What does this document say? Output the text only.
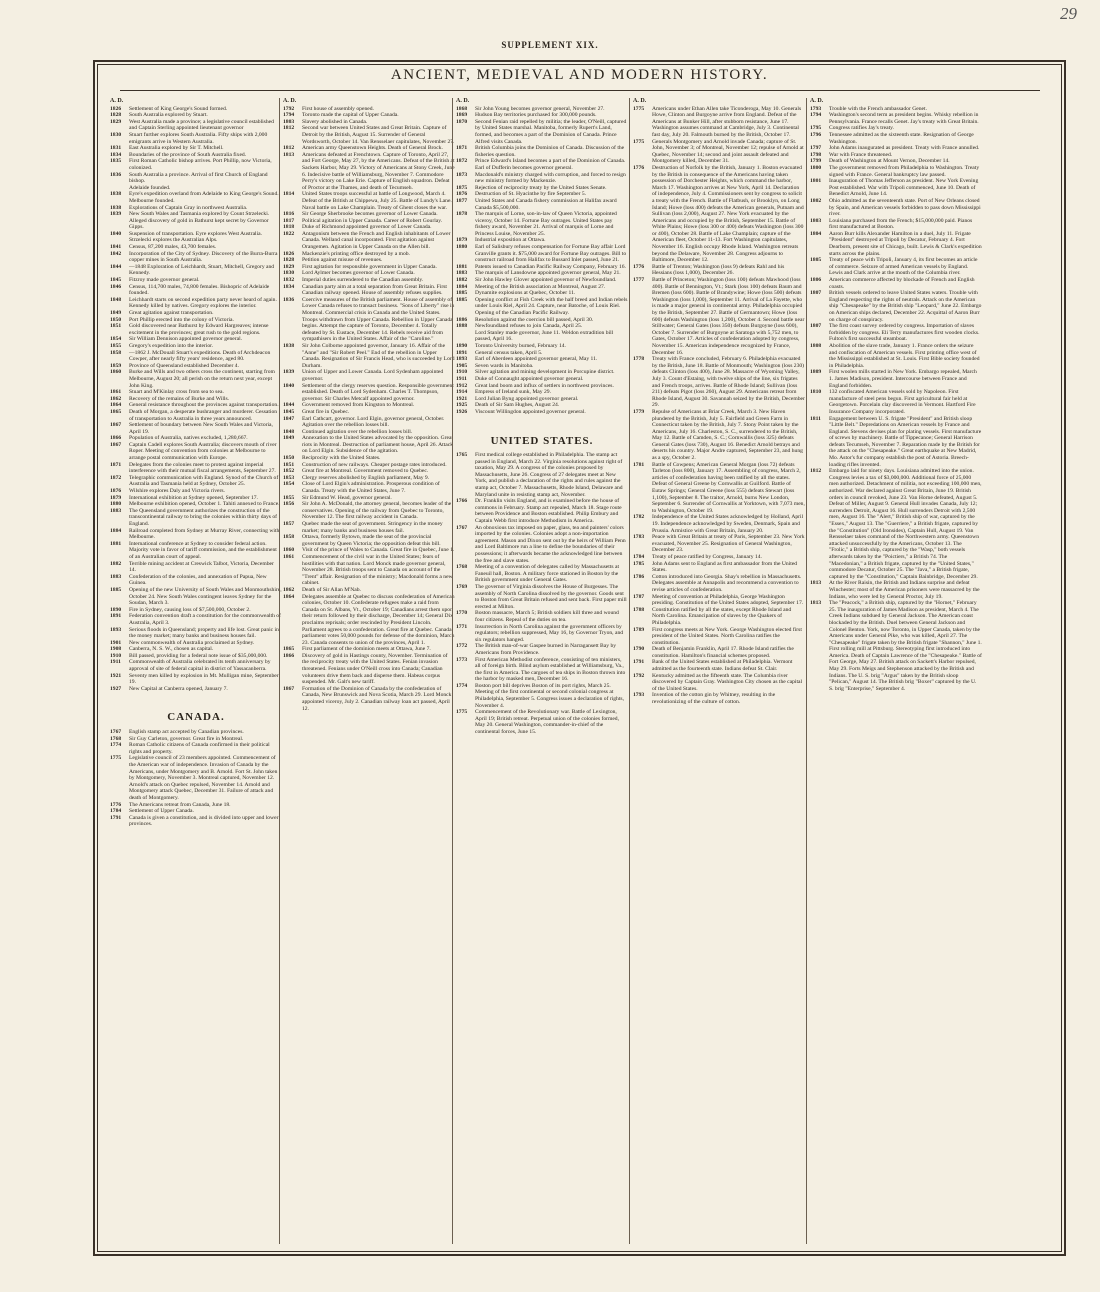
29
SUPPLEMENT XIX.
ANCIENT, MEDIEVAL AND MODERN HISTORY.
A. D.
1826	Settlement of King George's Sound formed.
1828	South Australia explored by Stuart.
1829	West Australia made a province; a legislative council established and Captain Sterling appointed lieutenant governor
1830	Stuart further explores South Australia. Fifty ships with 2,000 emigrants arrive in Western Australia.
1831	East Australia explored by Sir T. Mitchell.
1834	Boundaries of the province of South Australia fixed.
1835	First Roman Catholic bishop arrives. Port Phillip, now Victoria, colonized.
1836	South Australia a province. Arrival of first Church of England bishop.
Adelaide founded.
1838	Eyre's expedition overland from Adelaide to King George's Sound. Melbourne founded.
1838	Explorations of Captain Gray in northwest Australia.
1839	New South Wales and Tasmania explored by Count Strzelecki.
Alleged discovery of gold in Bathurst kept secret by Governor Gipps.
1840	Suspension of transportation. Eyre explores West Australia.
Strzelecki explores the Australian Alps.
1841	Census, 87,200 males, 43,700 females.
1842	Incorporation of the City of Sydney. Discovery of the Burra-Burra copper mines in South Australia.
1844	—1848 Exploration of Leichhardt, Stuart, Mitchell, Gregory and Kennedy.
1845	Fitzroy made governor general.
1846	Census, 114,700 males, 74,800 females. Bishopric of Adelaide founded.
1848	Leichhardt starts on second expedition party never heard of again. Kennedy killed by natives. Gregory explores the interior.
1849	Great agitation against transportation.
1850	Port Phillip erected into the colony of Victoria.
1851	Gold discovered near Bathurst by Edward Hargreaves; intense excitement in the provinces; great rush to the gold regions.
1854	Sir William Dennison appointed governor general.
1855	Gregory's expedition into the interior.
1858	—1862 J. McDouall Stuart's expeditions. Death of Archdeacon Cowper, after nearly fifty years' residence, aged 80.
1859	Province of Queensland established December 4.
1860	Burke and Wills and two others cross the continent, starting from Melbourne, August 20; all perish on the return next year, except John King.
1861	Stuart and M'Kinlay cross from sea to sea.
1862	Recovery of the remains of Burke and Wills.
1864	General resistance throughout the provinces against transportation.
1865	Death of Morgan, a desperate bushranger and murderer. Cessation of transportation to Australia in three years announced.
1867	Settlement of boundary between New South Wales and Victoria, April 19.
1866	Population of Australia, natives excluded, 1,280,667.
1867	Captain Cadell explores South Australia; discovers mouth of river Roper. Meeting of convention from colonies at Melbourne to arrange postal communication with Europe.
1871	Delegates from the colonies meet to protest against imperial interference with their mutual fiscal arrangements, September 27.
1872	Telegraphic communication with England. Synod of the Church of Australia and Tasmania held at Sydney, October 25.
1876	Wilshire explores Daly and Victoria rivers.
1879	International exhibition at Sydney opened, September 17.
1880	Melbourne exhibition opened, October 1. Tahiti annexed to France.
1883	The Queensland government authorizes the construction of the transcontinental railway to bring the colonies within thirty days of England.
1884	Railroad completed from Sydney at Murray River, connecting with Melbourne.
1881	International conference at Sydney to consider federal action. Majority vote in favor of tariff commission, and the establishment of an Australian court of appeal.
1882	Terrible mining accident at Creswick Talbot, Victoria, December 14.
1883	Confederation of the colonies, and annexation of Papua, New Guinea.
1885	Opening of the new University of South Wales and Monmouthshire, October 24. New South Wales contingent leaves Sydney for the Soudan, March 3.
1890	Fire in Sydney, causing loss of $7,500,000, October 2.
1891	Federation convention draft a constitution for the commonwealth of Australia, April 3.
1893	Serious floods in Queensland; property and life lost. Great panic in the money market; many banks and business houses fail.
1901	New commonwealth of Australia proclaimed at Sydney.
1908	Canberra, N. S. W., chosen as capital.
1910	Bill passed, providing for a federal note issue of $35,000,000.
1911	Commonwealth of Australia celebrated its tenth anniversary by approval of site of federal capital in district of Yassacanberra.
1921	Seventy men killed by explosion in Mt. Mulligan mine, September 19.
1927	New Capital at Canberra opened, January 7.
CANADA.
1767	English stamp act accepted by Canadian provinces.
1768	Sir Guy Carleton, governor. Great fire in Montreal.
1774	Roman Catholic citizens of Canada confirmed in their political rights and property.
1775	Legislative council of 23 members appointed. Commencement of the American war of independence. Invasion of Canada by the Americans, under Montgomery and B. Arnold. Fort St. John taken by Montgomery, November 3. Montreal captured, November 12. Arnold's attack on Quebec repulsed, November 14. Arnold and Montgomery attack Quebec, December 31. Failure of attack and death of Montgomery.
1776	The Americans retreat from Canada, June 18.
1784	Settlement of Upper Canada.
1791	Canada is given a constitution, and is divided into upper and lower provinces.
A. D.
1792	First house of assembly opened.
1794	Toronto made the capital of Upper Canada.
1803	Slavery abolished in Canada.
1812	Second war between United States and Great Britain. Capture of Detroit by the British, August 15. Surrender of General Wordsworth, October 14. Van Rensselaer capitulates, November 27.
1812	American army Queenstown Heights. Death of General Brock.
1813	Americans defeated at Frenchtown. Capture of Toronto, April 27, and Fort George, May 27, by the Americans. Defeat of the British at Sackets Harbor, May 29. Victory of Americans at Stony Creek, June 6. Indecisive battle of Williamsburg, November 7. Commodore Perry's victory on Lake Erie. Capture of English squadron. Defeat of Proctor at the Thames, and death of Tecumseh.
1814	United States troops successful at battle of Longwood, March 4. Defeat of the British at Chippewa, July 25. Battle of Lundy's Lane. Naval battle on Lake Champlain. Treaty of Ghent closes the war.
1816	Sir George Sherbrooke becomes governor of Lower Canada.
1817	Political agitation in Upper Canada. Career of Robert Gourlay.
1818	Duke of Richmond appointed governor of Lower Canada.
1822	Antagonism between the French and English inhabitants of Lower Canada. Welland canal incorporated. First agitation against Orangemen. Agitation in Upper Canada on the Allen bill.
1826	Mackenzie's printing office destroyed by a mob.
1828	Petition against misuse of revenues.
1829	First agitation for responsible government in Upper Canada.
1830	Lord Aylmer becomes governor of Lower Canada.
1832	Imperial duties surrendered to the Canadian assembly.
1834	Canadian party aim at a total separation from Great Britain. First Canadian railway opened. House of assembly refuses supplies.
1836	Coercive measures of the British parliament. House of assembly of Lower Canada refuses to transact business. "Sons of Liberty" rise in Montreal. Commercial crisis in Canada and the United States. Troops withdrawn from Upper Canada. Rebellion in Upper Canada begins. Attempt the capture of Toronto, December 4. Totally defeated by St. Eustace, December 14. Rebels receive aid from sympathisers in the United States. Affair of the "Caroline."
1838	Sir John Colborne appointed governor, January 16. Affair of the "Anne" and "Sir Robert Peel." End of the rebellion in Upper Canada. Resignation of Sir Francis Head, who is succeeded by Lord Durham.
1839	Union of Upper and Lower Canada. Lord Sydenham appointed governor.
1840	Settlement of the clergy reserves question. Responsible government established. Death of Lord Sydenham. Charles T. Thompson, governor. Sir Charles Metcalf appointed governor.
1844	Government removed from Kingston to Montreal.
1845	Great fire in Quebec.
1847	Earl Cathcart, governor. Lord Elgin, governor general, October. Agitation over the rebellion losses bill.
1848	Continued agitation over the rebellion losses bill.
1849	Annexation to the United States advocated by the opposition. Great riots in Montreal. Destruction of parliament house, April 26. Attack on Lord Elgin. Subsidence of the agitation.
1850	Reciprocity with the United States.
1851	Construction of new railways. Cheaper postage rates introduced.
1852	Great fire at Montreal. Government removed to Quebec.
1853	Clergy reserves abolished by English parliament, May 9.
1854	Close of Lord Elgin's administration. Prosperous condition of Canada. Treaty with the United States, June 7.
1855	Sir Edmund W. Head, governor general.
1856	Sir John A. McDonald, the attorney general, becomes leader of the conservatives. Opening of the railway from Quebec to Toronto, November 12. The first railway accident in Canada.
1857	Quebec made the seat of government. Stringency in the money market; many banks and business houses fail.
1858	Ottawa, formerly Bytown, made the seat of the provincial government by Queen Victoria; the opposition defeat this bill.
1860	Visit of the prince of Wales to Canada. Great fire in Quebec, June 1.
1861	Commencement of the civil war in the United States; fears of hostilities with that nation. Lord Monck made governor general, November 28. British troops sent to Canada on account of the "Trent" affair. Resignation of the ministry; Macdonald forms a new cabinet.
1862	Death of Sir Allan M'Nab.
1864	Delegates assemble at Quebec to discuss confederation of American colonies, October 10. Confederate refugees make a raid from Canada on St. Albans, Vt., October 19; Canadians arrest them upon their return followed by their discharge, December 14; General Dix proclaims reprisals; order rescinded by President Lincoln. Parliament agrees to a confederation. Great fire at Quebec. Canada parliament votes 50,000 pounds for defense of the dominion, March 23. Canada consents to union of the provinces, April 1.
1865	First parliament of the dominion meets at Ottawa, June 7.
1866	Discovery of gold in Hastings county, November. Termination of the reciprocity treaty with the United States. Fenian invasion threatened. Fenians under O'Neill cross into Canada; Canadian volunteers drive them back and disperse them. Habeas corpus suspended. Mr. Galt's new tariff.
1867	Formation of the Dominion of Canada by the confederation of Canada, New Brunswick and Nova Scotia, March 29. Lord Monck appointed viceroy, July 2. Canadian railway loan act passed, April 12.
A. D.
1868	Sir John Young becomes governor general, November 27.
1869	Hudson Bay territories purchased for 300,000 pounds.
1870	Second Fenian raid repelled by militia; the leader, O'Neill, captured by United States marshal. Manitoba, formerly Rupert's Land, formed, and becomes a part of the Dominion of Canada. Prince Alfred visits Canada.
1871	British Columbia joins the Dominion of Canada. Discussion of the fisheries question.
1872	Prince Edward's Island becomes a part of the Dominion of Canada. Earl of Dufferin becomes governor general.
1873	Macdonald's ministry charged with corruption, and forced to resign new ministry formed by Mackenzie.
1875	Rejection of reciprocity treaty by the United States Senate.
1876	Destruction of St. Hyacinthe by fire September 5.
1877	United States and Canada fishery commission at Halifax award Canada $5,500,000.
1878	The marquis of Lorne, son-in-law of Queen Victoria, appointed viceroy, October 14. Fortune Bay outrages. United States pay fishery award, November 21. Arrival of marquis of Lorne and Princess Louise, November 25.
1879	Industrial exposition at Ottawa.
1880	Earl of Salisbury refuses compensation for Fortune Bay affair Lord Granville grants it. $75,000 award for Fortune Bay outrages. Bill to construct railroad from Halifax to Bussard Inlet passed, June 21.
1881	Patents issued to Canadian Pacific Railway Company, February 16.
1883	The marquis of Lansdowne appointed governor general, May 21.
1882	Sir John Hawley Glover appointed governor of Newfoundland.
1884	Meeting of the British association at Montreal, August 27.
1885	Dynamite explosions at Quebec, October 11.
1885	Opening conflict at Fish Creek with the half breed and Indian rebels under Louis Riel, April 24. Capture, near Batoche, of Louis Riel. Opening of the Canadian Pacific Railway.
1886	Resolution against the coercion bill passed, April 30.
1888	Newfoundland refuses to join Canada, April 25.
Lord Stanley made governor, June 11. Weldon extradition bill passed, April 16.
1890	Toronto University burned, February 14.
1891	General census taken, April 5.
1893	Earl of Aberdeen appointed governor general, May 11.
1905	Seven wards in Manitoba.
1910	Silver agitation and mining development in Porcupine district.
1911	Duke of Connaught appointed governor general.
1912	Great land boom and influx of settlers in northwest provinces.
1914	Empress of Ireland sunk, May 29.
1921	Lord Julian Byng appointed governor general.
1925	Death of Sir Sam Hughes, August 24.
1926	Viscount Willingdon appointed governor general.
UNITED STATES.
1765	First medical college established in Philadelphia. The stamp act passed in England, March 22. Virginia resolutions against right of taxation, May 29. A congress of the colonies proposed by Massachusetts, June 26. Congress of 27 delegates meet at New York, and publish a declaration of the rights and rules against the stamp act, October 7. Massachusetts, Rhode Island, Delaware and Maryland unite in resisting stamp act, November.
1766	Dr. Franklin visits England, and is examined before the house of commons in February. Stamp act repealed, March 18. Stage route between Providence and Boston established. Philip Embury and Captain Webb first introduce Methodism in America.
1767	An obnoxious tax imposed on paper, glass, tea and painters' colors imported by the colonies. Colonies adopt a non-importation agreement. Mason and Dixon sent out by the heirs of William Penn and Lord Baltimore run a line to define the boundaries of their possessions; it afterwards became the acknowledged line between the free and slave states.
1768	Meeting of a convention of delegates called by Massachusetts at Faneuil hall, Boston. A military force stationed in Boston by the British government under General Gates.
1769	The governor of Virginia dissolves the House of Burgesses. The assembly of North Carolina dissolved by the governor. Goods sent to Boston from Great Britain refused and sent back. First paper mill erected at Milton.
1770	Boston massacre, March 5; British soldiers kill three and wound four citizens. Repeal of the duties on tea.
1771	Insurrection in North Carolina against the government officers by regulators; rebellion suppressed, May 16, by Governor Tryon, and six regulators hanged.
1772	The British man-of-war Gaspee burned in Narragansett Bay by Americans from Providence.
1773	First American Methodist conference, consisting of ten ministers, all of foreign birth. Blind asylum established at Williamsburg, Va., the first in America. The cargoes of tea ships in Boston thrown into the harbor by masked men, December 16.
1774	Boston port bill deprives Boston of its port rights, March 25. Meeting of the first continental or second colonial congress at Philadelphia, September 5. Congress issues a declaration of rights, November 4.
1775	Commencement of the Revolutionary war. Battle of Lexington, April 19; British retreat. Perpetual union of the colonies formed, May 20. General Washington, commander-in-chief of the continental forces, June 15.
A. D.
1775	Americans under Ethan Allen take Ticonderoga, May 10. Generals Howe, Clinton and Burgoyne arrive from England. Defeat of the Americans at Bunker Hill, after stubborn resistance, June 17. Washington assumes command at Cambridge, July 3. Continental fast day, July 20. Falmouth burned by the British, October 17.
1775	Generals Montgomery and Arnold invade Canada; capture of St. John, November 3; of Montreal, November 12; repulse of Arnold at Quebec, November 14; second and joint assault defeated and Montgomery killed, December 31.
1776	Destruction of Norfolk by the British, January 1. Boston evacuated by the British in consequence of the Americans having taken possession of Dorchester Heights, which command the harbor, March 17. Washington arrives at New York, April 14. Declaration of independence, July 4. Commissioners sent by congress to solicit a treaty with the French. Battle of Flatbush, or Brooklyn, on Long Island; Howe (loss 400) defeats the American generals, Putnam and Sullivan (loss 2,000), August 27. New York evacuated by the Americans and occupied by the British, September 15. Battle of White Plains; Howe (loss 300 or 400) defeats Washington (loss 300 or 400), October 28. Battle of Lake Champlain; capture of the American fleet, October 11-13. Fort Washington capitulates, November 16. English occupy Rhode Island. Washington retreats beyond the Delaware, November 28. Congress adjourns to Baltimore, December 12.
1776	Battle of Trenton; Washington (loss 9) defeats Rahl and his Hessians (loss 1,000), December 26.
1777	Battle of Princeton; Washington (loss 100) defeats Mawhood (loss 400). Battle of Bennington, Vt.; Stark (loss 100) defeats Baum and Bremen (loss 600). Battle of Brandywine; Howe (loss 500) defeats Washington (loss 1,000), September 11. Arrival of La Fayette, who is made a major general in continental army. Philadelphia occupied by the British, September 27. Battle of Germantown; Howe (loss 600) defeats Washington (loss 1,200), October 4. Second battle near Stillwater; General Gates (loss 350) defeats Burgoyne (loss 600), October 7. Surrender of Burgoyne at Saratoga with 5,752 men, to Gates, October 17. Articles of confederation adopted by congress, November 15. American independence recognized by France, December 16.
1778	Treaty with France concluded, February 6. Philadelphia evacuated by the British, June 18. Battle of Monmouth; Washington (loss 230) defeats Clinton (loss 400), June 28. Massacre of Wyoming Valley, July 3. Count d'Estaing, with twelve ships of the line, six frigates and French troops, arrives. Battle of Rhode Island; Sullivan (loss 211) defeats Pigot (loss 260), August 29. Americans retreat from Rhode Island, August 30. Savannah seized by the British, December 29.
1779	Repulse of Americans at Briar Creek, March 3. New Haven plundered by the British, July 5. Fairfield and Green Farm in Connecticut taken by the British, July 7. Stony Point taken by the Americans, July 16. Charleston, S. C., surrendered to the British, May 12. Battle of Camden, S. C.; Cornwallis (loss 325) defeats General Gates (loss 730), August 16. Benedict Arnold betrays and deserts his country. Major Andre captured, September 23, and hung as a spy, October 2.
1781	Battle of Cowpens; American General Morgan (loss 72) defeats Tarleton (loss 800), January 17. Assembling of congress, March 2, articles of confederation having been ratified by all the states. Defeat of General Greene by Cornwallis at Guilford. Battle of Eutaw Springs; General Greene (loss 555) defeats Stewart (loss 1,100), September 8. The traitor, Arnold, burns New London, September 6. Surrender of Cornwallis at Yorktown, with 7,073 men, to Washington, October 19.
1782	Independence of the United States acknowledged by Holland, April 19. Independence acknowledged by Sweden, Denmark, Spain and Prussia. Armistice with Great Britain, January 20.
1783	Peace with Great Britain at treaty of Paris, September 23. New York evacuated, November 25. Resignation of General Washington, December 23.
1784	Treaty of peace ratified by Congress, January 14.
1785	John Adams sent to England as first ambassador from the United States.
1786	Cotton introduced into Georgia. Shay's rebellion in Massachusetts. Delegates assemble at Annapolis and recommend a convention to revise articles of confederation.
1787	Meeting of convention at Philadelphia, George Washington presiding. Constitution of the United States adopted, September 17.
1788	Constitution ratified by all the states, except Rhode Island and North Carolina. Emancipation of slaves by the Quakers of Philadelphia.
1789	First congress meets at New York. George Washington elected first president of the United States. North Carolina ratifies the constitution.
1790	Death of Benjamin Franklin, April 17. Rhode Island ratifies the constitution. Hamilton's financial schemes proposed.
1791	Bank of the United States established at Philadelphia. Vermont admitted as the fourteenth state. Indians defeat St. Clair.
1792	Kentucky admitted as the fifteenth state. The Columbia river discovered by Captain Gray. Washington City chosen as the capital of the United States.
1793	Invention of the cotton gin by Whitney, resulting in the revolutionizing of the culture of cotton.
A. D.
1793	Trouble with the French ambassador Genet.
1794	Washington's second term as president begins. Whisky rebellion in Pennsylvania. France recalls Genet. Jay's treaty with Great Britain.
1795	Congress ratifies Jay's treaty.
1796	Tennessee admitted as the sixteenth state. Resignation of George Washington.
1797	John Adams inaugurated as president. Treaty with France annulled.
1798	War with France threatened.
1799	Death of Washington at Mount Vernon, December 14.
1800	The government removed from Philadelphia to Washington. Treaty signed with France. General bankruptcy law passed.
1801	Inauguration of Thomas Jefferson as president. New York Evening Post established. War with Tripoli commenced, June 10. Death of Benedict Arnold, June 14.
1802	Ohio admitted as the seventeenth state. Port of New Orleans closed by Spain, and American vessels forbidden to pass down Mississippi river.
1803	Louisiana purchased from the French; $15,000,000 paid. Pianos first manufactured at Boston.
1804	Aaron Burr kills Alexander Hamilton in a duel, July 11. Frigate "President" destroyed at Tripoli by Decatur, February 4. Fort Dearborn, present site of Chicago, built. Lewis & Clark's expedition starts across the plains.
1805	Treaty of peace with Tripoli, January 4, its first becomes an article of commerce. Seizure of armed American vessels by England. Lewis and Clark arrive at the mouth of the Columbia river.
1806	American commerce affected by blockade of French and English coasts.
1807	British vessels ordered to leave United States waters. Trouble with England respecting the rights of neutrals. Attack on the American ship "Chesapeake" by the British ship "Leopard," June 22. Embargo on American ships declared, December 22. Acquittal of Aaron Burr on charge of conspiracy.
1807	The first coast survey ordered by congress. Importation of slaves forbidden by congress. Eli Terry manufactures first wooden clocks. Fulton's first successful steamboat.
1808	Abolition of the slave trade, January 1. France orders the seizure and confiscation of American vessels. First printing office west of the Mississippi established at St. Louis. First Bible society founded in Philadelphia.
1809	First woolen mills started in New York. Embargo repealed, March 1. James Madison, president. Intercourse between France and England forbidden.
1810	132 confiscated American vessels sold by Napoleon. First manufacture of steel pens begun. First agricultural fair held at Georgetown. Porcelain clay discovered in Vermont. Hartford Fire Insurance Company incorporated.
1811	Engagement between U. S. frigate "President" and British sloop "Little Belt." Depredations on American vessels by France and England. Stevens devises plan for plating vessels. First manufacture of screws by machinery. Battle of Tippecanoe; General Harrison defeats Tecumseh, November 7. Reparation made by the British for the attack on the "Chesapeake." Great earthquake at New Madrid, Mo. Astor's fur company establish the post of Astoria. Breech-loading rifles invented.
1812	Embargo laid for ninety days. Louisiana admitted into the union. Congress levies a tax of $3,000,000. Additional force of 25,000 men authorized. Detachment of militia, not exceeding 100,000 men, authorized. War declared against Great Britain, June 19. British orders in council revoked, June 23. Van Horne defeated, August 5. Defeat of Miller, August 9. General Hull invades Canada, July 12; surrenders Detroit, August 16. Hull surrenders Detroit with 2,500 men, August 16. The "Alert," British ship of war, captured by the "Essex," August 13. The "Guerriere," a British frigate, captured by the "Constitution" (Old Ironsides), Captain Hull, August 19. Van Rensselaer takes command of the Northwestern army. Queenstown attacked unsuccessfully by the Americans, October 13. The "Frolic," a British ship, captured by the "Wasp," both vessels afterwards taken by the "Poictiers," a British 74. The "Macedonian," a British frigate, captured by the "United States," commodore Decatur, October 25. The "Java," a British frigate, captured by the "Constitution," Captain Bainbridge, December 29.
1813	At the River Raisin, the British and Indians surprise and defeat Winchester; most of the American prisoners were massacred by the Indians, who were led by General Proctor, July 19.
1813	The "Peacock," a British ship, captured by the "Hornet," February 25. The inauguration of James Madison as president, March 4. The Creek Indians subdued by General Jackson. The American coast blockaded by the British. Duel between General Jackson and Colonel Benton. York, now Toronto, in Upper Canada, taken by the Americans under General Pike, who was killed, April 27. The "Chesapeake" frigate taken by the British frigate "Shannon," June 1. First rolling mill at Pittsburg. Stereotyping first introduced into America. Death of Captain Lawrence of the "Chesapeake." Battle of Fort George, May 27. British attack on Sackett's Harbor repulsed, May 29. Forts Meigs and Stephenson attacked by the British and Indians. The U. S. brig "Argus" taken by the British sloop "Pelican," August 14. The British brig "Boxer" captured by the U. S. brig "Enterprise," September 4.
